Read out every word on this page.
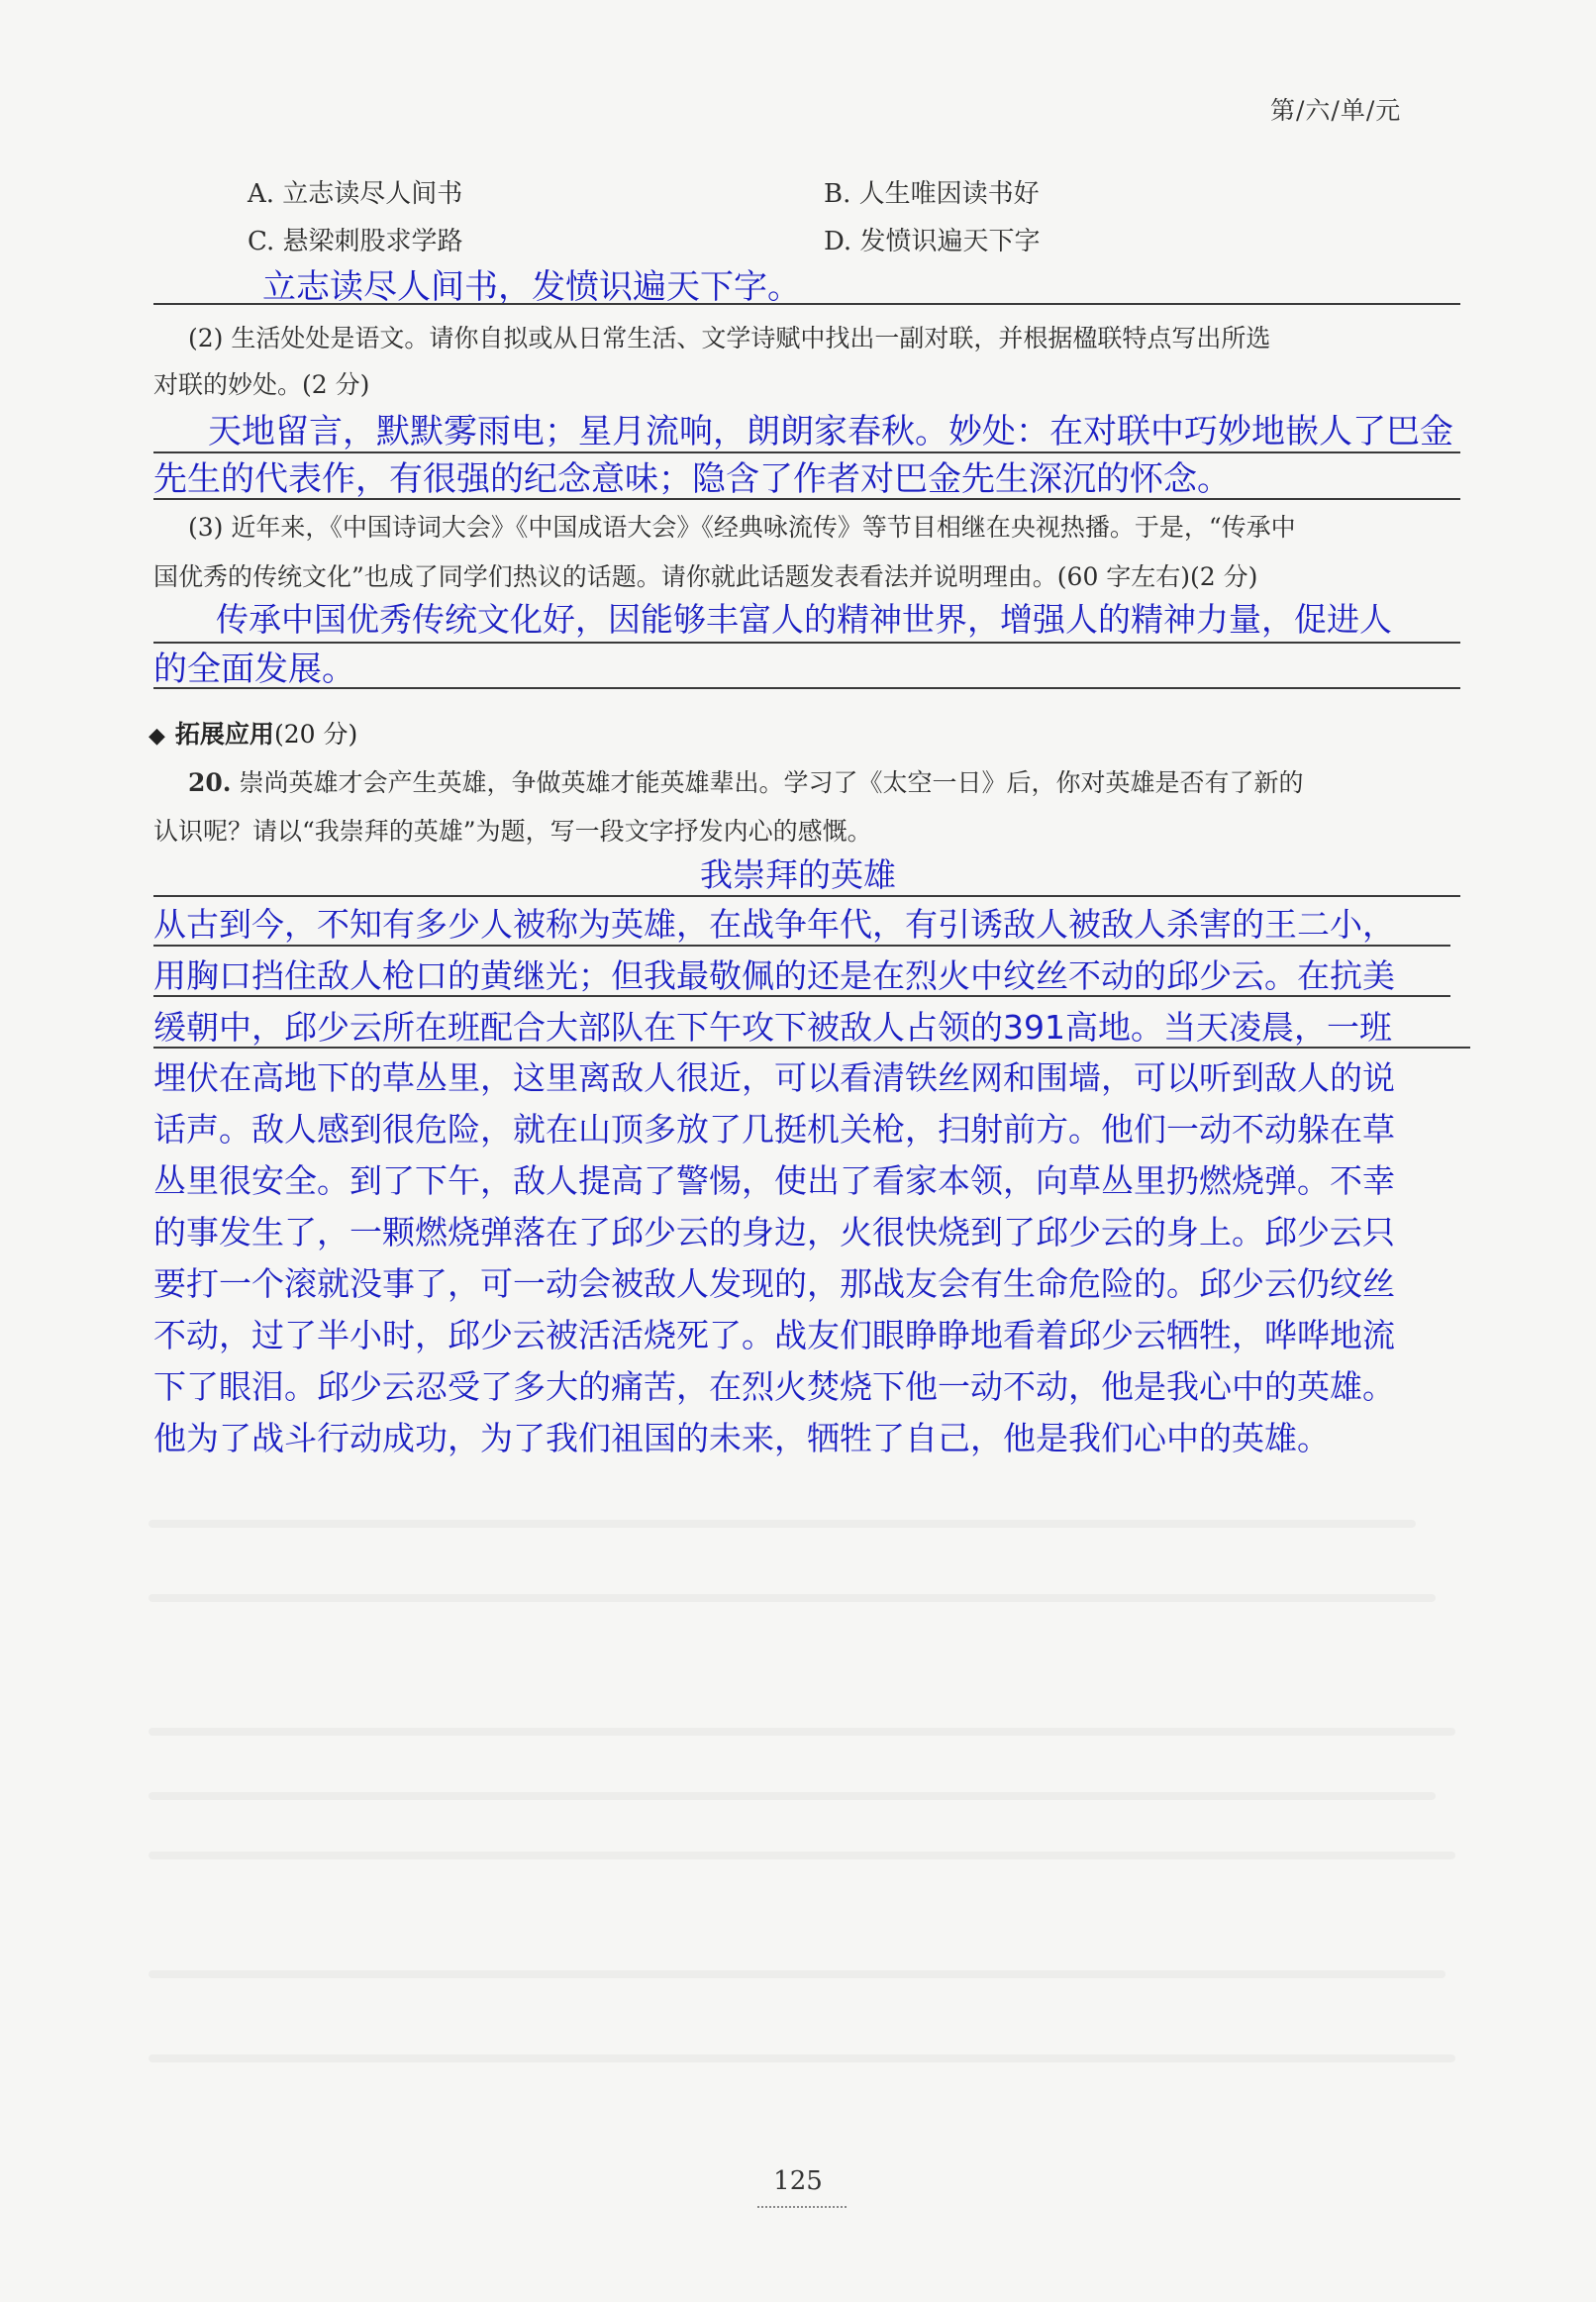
第/六/单/元
A. 立志读尽人间书	B. 人生唯因读书好
C. 悬梁刺股求学路	D. 发愤识遍天下字
立志读尽人间书，发愤识遍天下字。
(2) 生活处处是语文。请你自拟或从日常生活、文学诗赋中找出一副对联，并根据楹联特点写出所选
对联的妙处。(2 分)
天地留言，默默雾雨电；星月流响，朗朗家春秋。妙处：在对联中巧妙地嵌人了巴金
先生的代表作，有很强的纪念意味；隐含了作者对巴金先生深沉的怀念。
(3) 近年来，《中国诗词大会》《中国成语大会》《经典咏流传》等节目相继在央视热播。于是，“传承中
国优秀的传统文化”也成了同学们热议的话题。请你就此话题发表看法并说明理由。(60 字左右)(2 分)
传承中国优秀传统文化好，因能够丰富人的精神世界，增强人的精神力量，促进人
的全面发展。
◆ 拓展应用(20 分)
20. 崇尚英雄才会产生英雄，争做英雄才能英雄辈出。学习了《太空一日》后，你对英雄是否有了新的
认识呢？请以“我崇拜的英雄”为题，写一段文字抒发内心的感慨。
我崇拜的英雄
从古到今，不知有多少人被称为英雄，在战争年代，有引诱敌人被敌人杀害的王二小，
用胸口挡住敌人枪口的黄继光；但我最敬佩的还是在烈火中纹丝不动的邱少云。在抗美
缓朝中，邱少云所在班配合大部队在下午攻下被敌人占领的391高地。当天凌晨，一班
埋伏在高地下的草丛里，这里离敌人很近，可以看清铁丝网和围墙，可以听到敌人的说
话声。敌人感到很危险，就在山顶多放了几挺机关枪，扫射前方。他们一动不动躲在草
丛里很安全。到了下午，敌人提高了警惕，使出了看家本领，向草丛里扔燃烧弹。不幸
的事发生了，一颗燃烧弹落在了邱少云的身边，火很快烧到了邱少云的身上。邱少云只
要打一个滚就没事了，可一动会被敌人发现的，那战友会有生命危险的。邱少云仍纹丝
不动，过了半小时，邱少云被活活烧死了。战友们眼睁睁地看着邱少云牺牲，哗哗地流
下了眼泪。邱少云忍受了多大的痛苦，在烈火焚烧下他一动不动，他是我心中的英雄。
他为了战斗行动成功，为了我们祖国的未来，牺牲了自己，他是我们心中的英雄。
125
